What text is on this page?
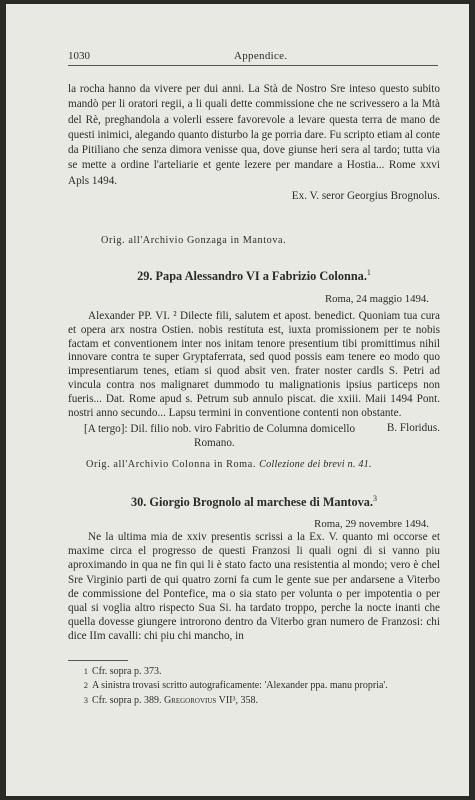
1030	Appendice.

la rocha hanno da vivere per dui anni. La Stà de Nostro Sre inteso questo subito mandò per li oratori regii, a li quali dette commissione che ne scrivessero a la Mtà del Rè, preghandola a volerli essere favorevole a levare questa terra de mano de questi inimici, alegando quanto disturbo la ge porria dare. Fu scripto etiam al conte da Pitiliano che senza dimora venisse qua, dove giunse heri sera al tardo; tutta via se mette a ordine l'arteliarie et gente lezere per mandare a Hostia... Rome xxvi Apls 1494.

Ex. V. seror Georgius Brognolus.

Orig. all'Archivio Gonzaga in Mantova.
29. Papa Alessandro VI a Fabrizio Colonna.$^1$
Roma, 24 maggio 1494.

Alexander PP. VI. ² Dilecte fili, salutem et apost. benedict. Quoniam tua cura et opera arx nostra Ostien. nobis restituta est, iuxta promissionem per te nobis factam et conventionem inter nos initam tenore presentium tibi promittimus nihil innovare contra te super Gryptaferrata, sed quod possis eam tenere eo modo quo impresentiarum tenes, etiam si quod absit ven. frater noster cardls S. Petri ad vincula contra nos malignaret dummodo tu malignationis ipsius particeps non fueris... Dat. Rome apud s. Petrum sub annulo piscat. die xxiii. Maii 1494 Pont. nostri anno secundo... Lapsu termini in conventione contenti non obstante.

B. Floridus.

[A tergo]: Dil. filio nob. viro Fabritio de Columna domicello
Romano.
Orig. all'Archivio Colonna in Roma. Collezione dei brevi n. 41.
30. Giorgio Brognolo al marchese di Mantova.$^3$
Roma, 29 novembre 1494.

Ne la ultima mia de xxiv presentis scrissi a la Ex. V. quanto mi occorse et maxime circa el progresso de questi Franzosi li quali ogni di si vanno piu aproximando in qua ne fin qui li è stato facto una resistentia al mondo; vero è chel Sre Virginio parti de qui quatro zorni fa cum le gente sue per andarsene a Viterbo de commissione del Pontefice, ma o sia stato per volunta o per impotentia o per qual si voglia altro rispecto Sua Si. ha tardato troppo, perche la nocte inanti che quella dovesse giungere introrono dentro da Viterbo gran numero de Franzosi: chi dice IIm cavalli: chi piu chi mancho, in

1 Cfr. sopra p. 373.
2 A sinistra trovasi scritto autograficamente: 'Alexander ppa. manu propria'.
3 Cfr. sopra p. 389. Gregorovius VII³, 358.
